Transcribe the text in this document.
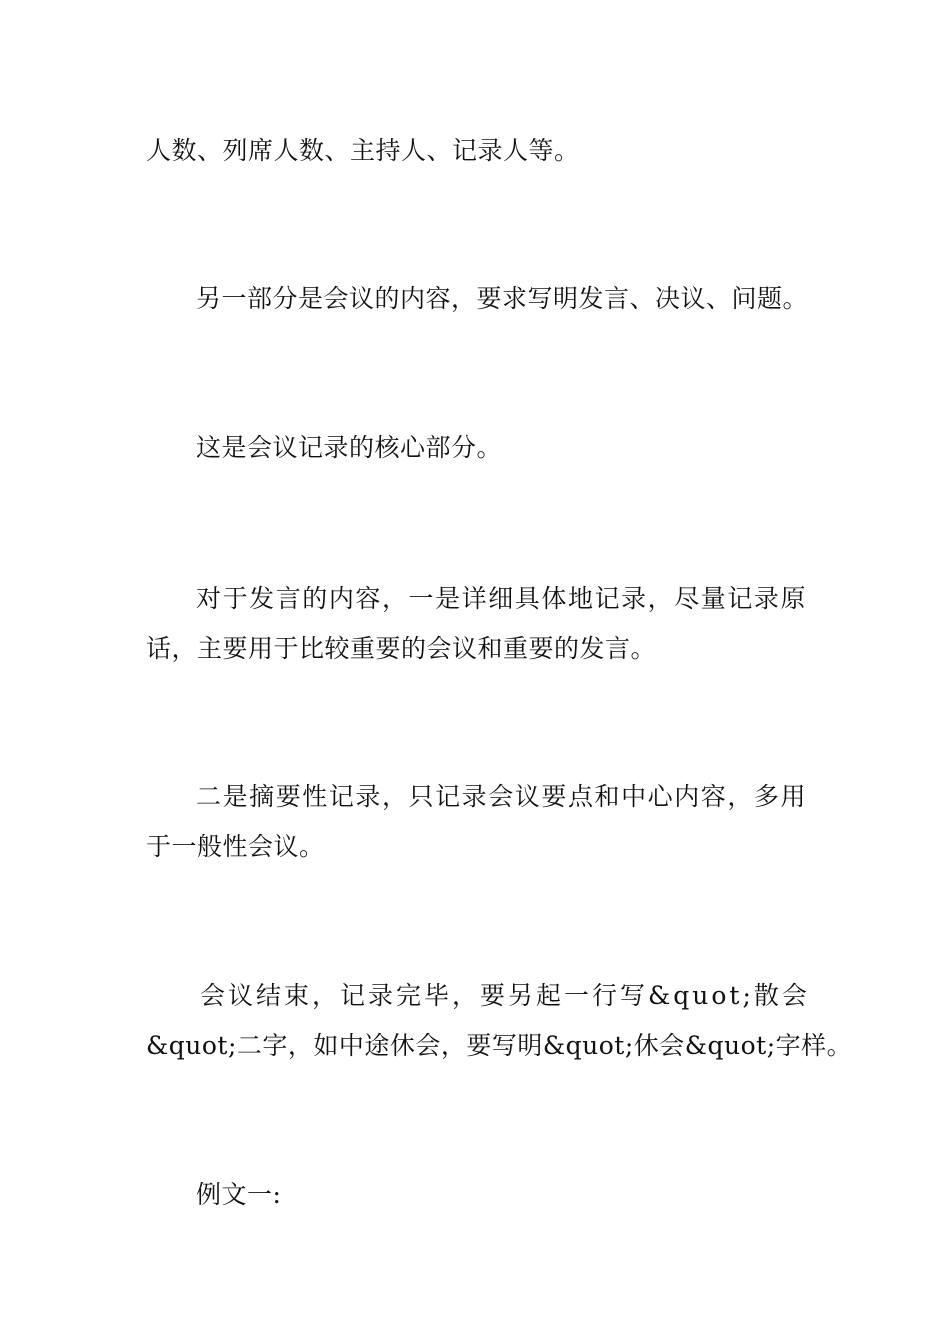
人数、列席人数、主持人、记录人等。
另一部分是会议的内容，要求写明发言、决议、问题。
这是会议记录的核心部分。
对于发言的内容，一是详细具体地记录，尽量记录原
话，主要用于比较重要的会议和重要的发言。
二是摘要性记录，只记录会议要点和中心内容，多用
于一般性会议。
会议结束，记录完毕，要另起一行写&quot;散会
&quot;二字，如中途休会，要写明&quot;休会&quot;字样。
例文一:
